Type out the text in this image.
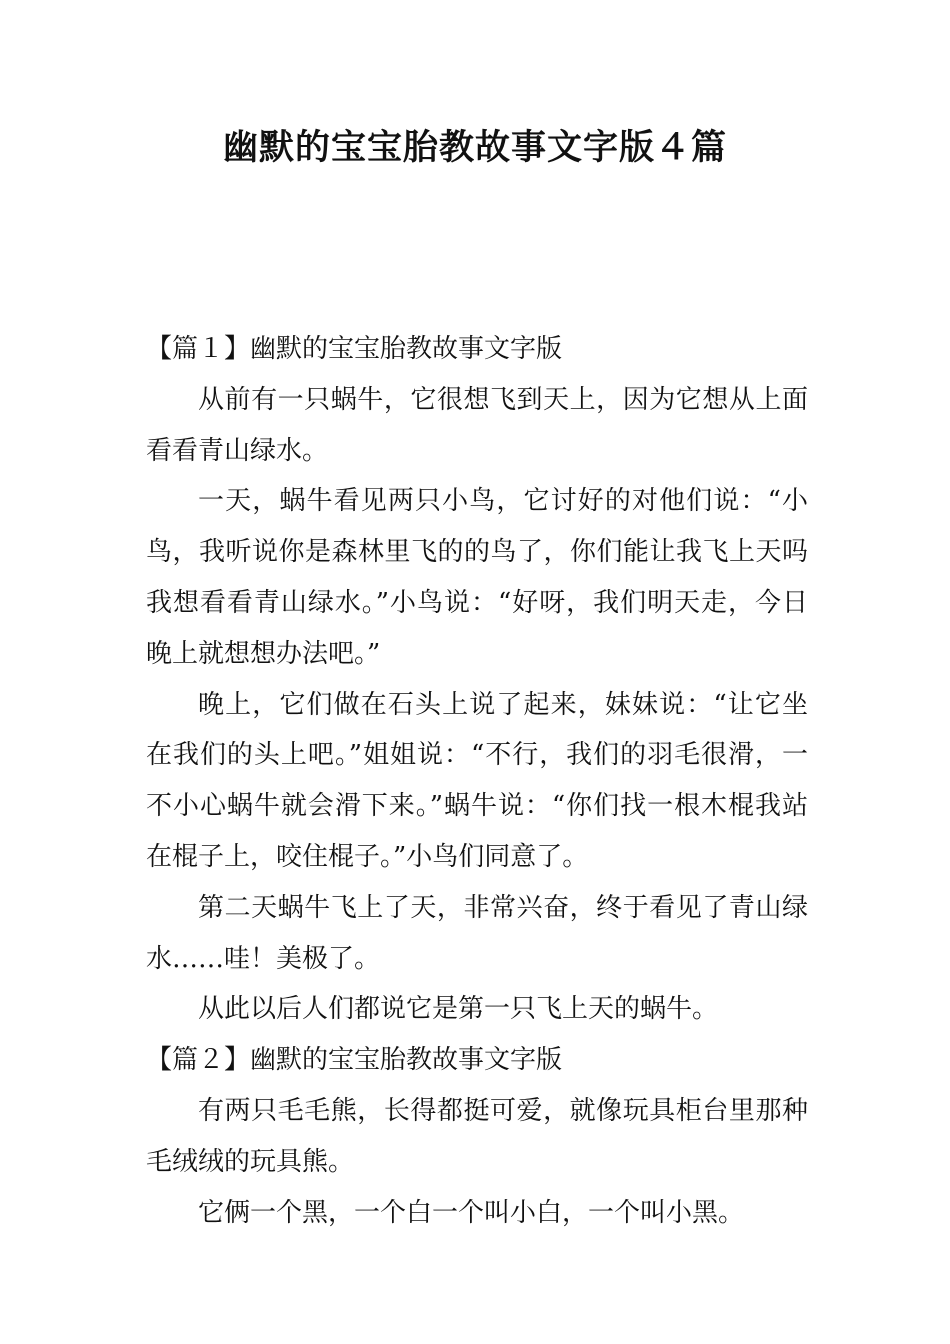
幽默的宝宝胎教故事文字版４篇
【篇１】幽默的宝宝胎教故事文字版

从前有一只蜗牛，它很想飞到天上，因为它想从上面看看青山绿水。

一天，蜗牛看见两只小鸟，它讨好的对他们说：“小鸟，我听说你是森林里飞的的鸟了，你们能让我飞上天吗我想看看青山绿水。”小鸟说：“好呀，我们明天走，今日晚上就想想办法吧。”

晚上，它们做在石头上说了起来，妹妹说：“让它坐在我们的头上吧。”姐姐说：“不行，我们的羽毛很滑，一不小心蜗牛就会滑下来。”蜗牛说：“你们找一根木棍我站在棍子上，咬住棍子。”小鸟们同意了。

第二天蜗牛飞上了天，非常兴奋，终于看见了青山绿水……哇！美极了。

从此以后人们都说它是第一只飞上天的蜗牛。

【篇２】幽默的宝宝胎教故事文字版

有两只毛毛熊，长得都挺可爱，就像玩具柜台里那种毛绒绒的玩具熊。

它俩一个黑，一个白一个叫小白，一个叫小黑。
